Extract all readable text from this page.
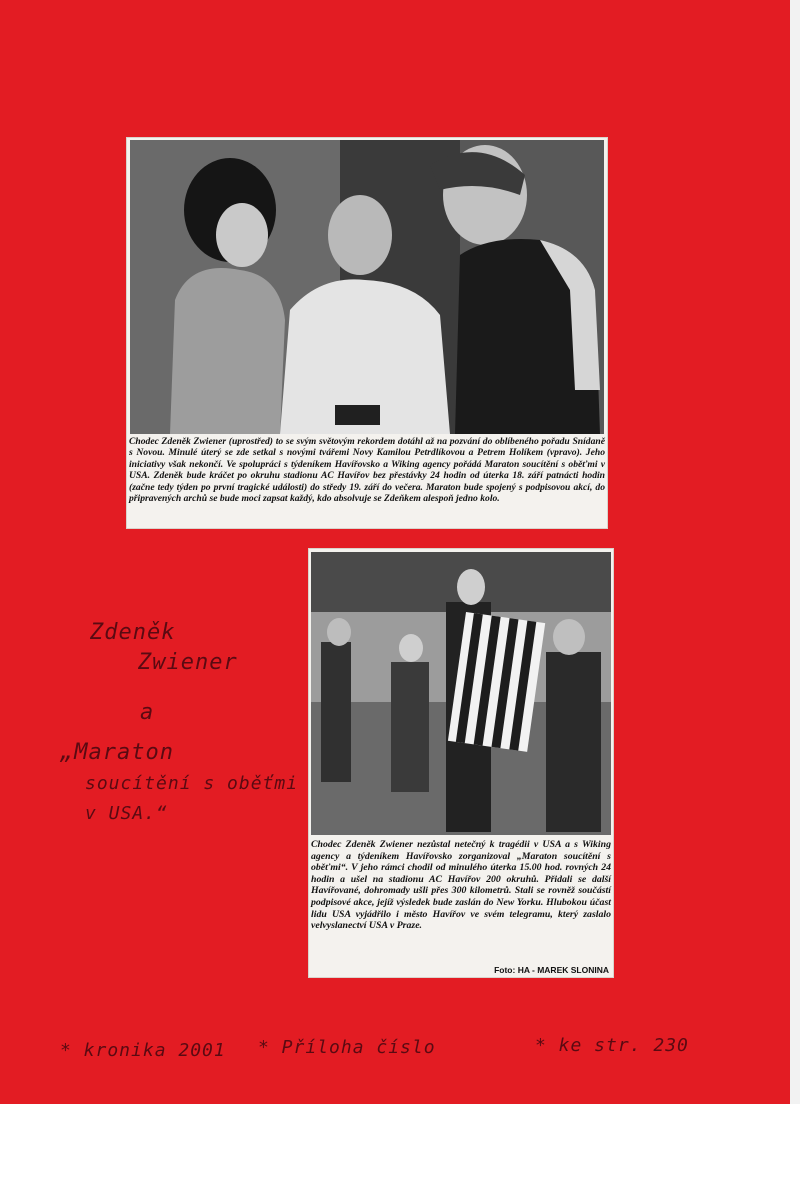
Chodec Zdeněk Zwiener (uprostřed) to se svým světovým rekordem dotáhl až na pozvání do oblíbeného pořadu Snídaně s Novou. Minulé úterý se zde setkal s novými tvářemi Novy Kamilou Petrdlíkovou a Petrem Holíkem (vpravo). Jeho iniciativy však nekončí. Ve spolupráci s týdeníkem Havířovsko a Wiking agency pořádá Maraton soucítění s oběťmi v USA. Zdeněk bude kráčet po okruhu stadionu AC Havířov bez přestávky 24 hodin od úterka 18. září patnácti hodin (začne tedy týden po první tragické události) do středy 19. září do večera. Maraton bude spojený s podpisovou akcí, do připravených archů se bude moci zapsat každý, kdo absolvuje se Zdeňkem alespoň jedno kolo.
Chodec Zdeněk Zwiener nezůstal netečný k tragédii v USA a s Wiking agency a týdeníkem Havířovsko zorganizoval „Maraton soucítění s oběťmi“. V jeho rámci chodil od minulého úterka 15.00 hod. rovných 24 hodin a ušel na stadionu AC Havířov 200 okruhů. Přidali se další Havířované, dohromady ušli přes 300 kilometrů. Stali se rovněž součástí podpisové akce, jejíž výsledek bude zaslán do New Yorku. Hlubokou účast lidu USA vyjádřilo i město Havířov ve svém telegramu, který zaslalo velvyslanectví USA v Praze.
Foto: HA - MAREK SLONINA
Zdeněk
Zwiener
a
„Maraton
soucítění s oběťmi
v USA.“
* kronika 2001 * Příloha číslo	* ke str. 230
